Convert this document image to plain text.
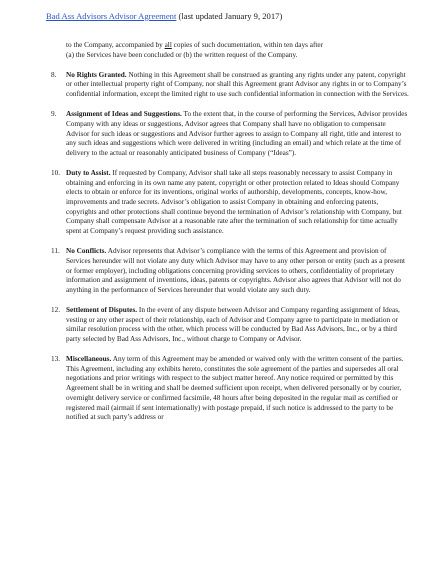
Bad Ass Advisors Advisor Agreement (last updated January 9, 2017)
to the Company, accompanied by all copies of such documentation, within ten days after
(a) the Services have been concluded or (b) the written request of the Company.
8. No Rights Granted. Nothing in this Agreement shall be construed as granting any rights under any patent, copyright or other intellectual property right of Company, nor shall this Agreement grant Advisor any rights in or to Company’s confidential information, except the limited right to use such confidential information in connection with the Services.
9. Assignment of Ideas and Suggestions. To the extent that, in the course of performing the Services, Advisor provides Company with any ideas or suggestions, Advisor agrees that Company shall have no obligation to compensate Advisor for such ideas or suggestions and Advisor further agrees to assign to Company all right, title and interest to any such ideas and suggestions which were delivered in writing (including an email) and which relate at the time of delivery to the actual or reasonably anticipated business of Company (“Ideas”).
10. Duty to Assist. If requested by Company, Advisor shall take all steps reasonably necessary to assist Company in obtaining and enforcing in its own name any patent, copyright or other protection related to Ideas should Company elects to obtain or enforce for its inventions, original works of authorship, developments, concepts, know-how, improvements and trade secrets. Advisor’s obligation to assist Company in obtaining and enforcing patents, copyrights and other protections shall continue beyond the termination of Advisor’s relationship with Company, but Company shall compensate Advisor at a reasonable rate after the termination of such relationship for time actually spent at Company’s request providing such assistance.
11. No Conflicts. Advisor represents that Advisor’s compliance with the terms of this Agreement and provision of Services hereunder will not violate any duty which Advisor may have to any other person or entity (such as a present or former employer), including obligations concerning providing services to others, confidentiality of proprietary information and assignment of inventions, ideas, patents or copyrights. Advisor also agrees that Advisor will not do anything in the performance of Services hereunder that would violate any such duty.
12. Settlement of Disputes. In the event of any dispute between Advisor and Company regarding assignment of Ideas, vesting or any other aspect of their relationship, each of Advisor and Company agree to participate in mediation or similar resolution process with the other, which process will be conducted by Bad Ass Advisors, Inc., or by a third party selected by Bad Ass Advisors, Inc., without charge to Company or Advisor.
13. Miscellaneous. Any term of this Agreement may be amended or waived only with the written consent of the parties. This Agreement, including any exhibits hereto, constitutes the sole agreement of the parties and supersedes all oral negotiations and prior writings with respect to the subject matter hereof. Any notice required or permitted by this Agreement shall be in writing and shall be deemed sufficient upon receipt, when delivered personally or by courier, overnight delivery service or confirmed facsimile, 48 hours after being deposited in the regular mail as certified or registered mail (airmail if sent internationally) with postage prepaid, if such notice is addressed to the party to be notified at such party’s address or
